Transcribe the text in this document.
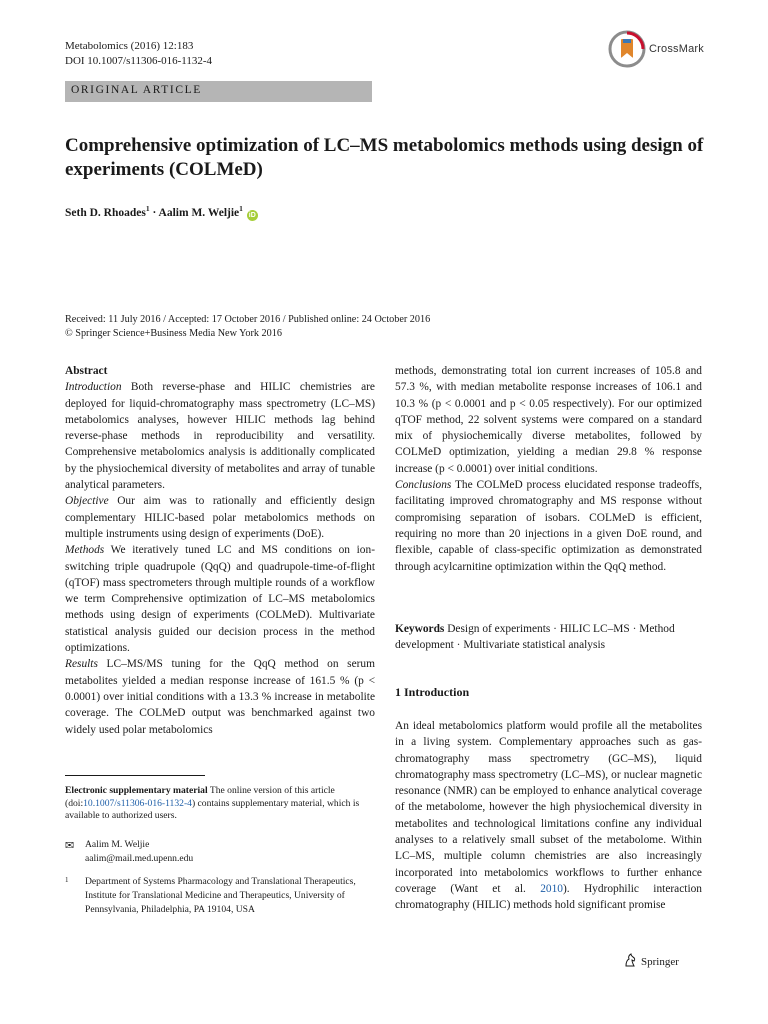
Metabolomics (2016) 12:183
DOI 10.1007/s11306-016-1132-4
CrossMark
ORIGINAL ARTICLE
Comprehensive optimization of LC–MS metabolomics methods using design of experiments (COLMeD)
Seth D. Rhoades$^1$ · Aalim M. Weljie$^1$ iD
Received: 11 July 2016 / Accepted: 17 October 2016 / Published online: 24 October 2016
© Springer Science+Business Media New York 2016

Abstract

Introduction Both reverse-phase and HILIC chemistries are deployed for liquid-chromatography mass spectrometry (LC–MS) metabolomics analyses, however HILIC methods lag behind reverse-phase methods in reproducibility and versatility. Comprehensive metabolomics analysis is additionally complicated by the physiochemical diversity of metabolites and array of tunable analytical parameters.

Objective Our aim was to rationally and efficiently design complementary HILIC-based polar metabolomics methods on multiple instruments using design of experiments (DoE).

Methods We iteratively tuned LC and MS conditions on ion-switching triple quadrupole (QqQ) and quadrupole-time-of-flight (qTOF) mass spectrometers through multiple rounds of a workflow we term Comprehensive optimization of LC–MS metabolomics methods using design of experiments (COLMeD). Multivariate statistical analysis guided our decision process in the method optimizations.

Results LC–MS/MS tuning for the QqQ method on serum metabolites yielded a median response increase of 161.5 % (p < 0.0001) over initial conditions with a 13.3 % increase in metabolite coverage. The COLMeD output was benchmarked against two widely used polar metabolomics

methods, demonstrating total ion current increases of 105.8 and 57.3 %, with median metabolite response increases of 106.1 and 10.3 % (p < 0.0001 and p < 0.05 respectively). For our optimized qTOF method, 22 solvent systems were compared on a standard mix of physiochemically diverse metabolites, followed by COLMeD optimization, yielding a median 29.8 % response increase (p < 0.0001) over initial conditions.

Conclusions The COLMeD process elucidated response tradeoffs, facilitating improved chromatography and MS response without compromising separation of isobars. COLMeD is efficient, requiring no more than 20 injections in a given DoE round, and flexible, capable of class-specific optimization as demonstrated through acylcarnitine optimization within the QqQ method.

Keywords Design of experiments · HILIC LC–MS · Method development · Multivariate statistical analysis
1 Introduction

An ideal metabolomics platform would profile all the metabolites in a living system. Complementary approaches such as gas-chromatography mass spectrometry (GC–MS), liquid chromatography mass spectrometry (LC–MS), or nuclear magnetic resonance (NMR) can be employed to enhance analytical coverage of the metabolome, however the high physiochemical diversity in metabolites and technological limitations confine any individual analyses to a relatively small subset of the metabolome. Within LC–MS, multiple column chemistries are also increasingly incorporated into metabolomics workflows to further enhance coverage (Want et al. 2010). Hydrophilic interaction chromatography (HILIC) methods hold significant promise

Electronic supplementary material The online version of this article (doi:10.1007/s11306-016-1132-4) contains supplementary material, which is available to authorized users.
✉ Aalim M. Weljie
aalim@mail.med.upenn.edu
1 Department of Systems Pharmacology and Translational Therapeutics, Institute for Translational Medicine and Therapeutics, University of Pennsylvania, Philadelphia, PA 19104, USA
Springer
